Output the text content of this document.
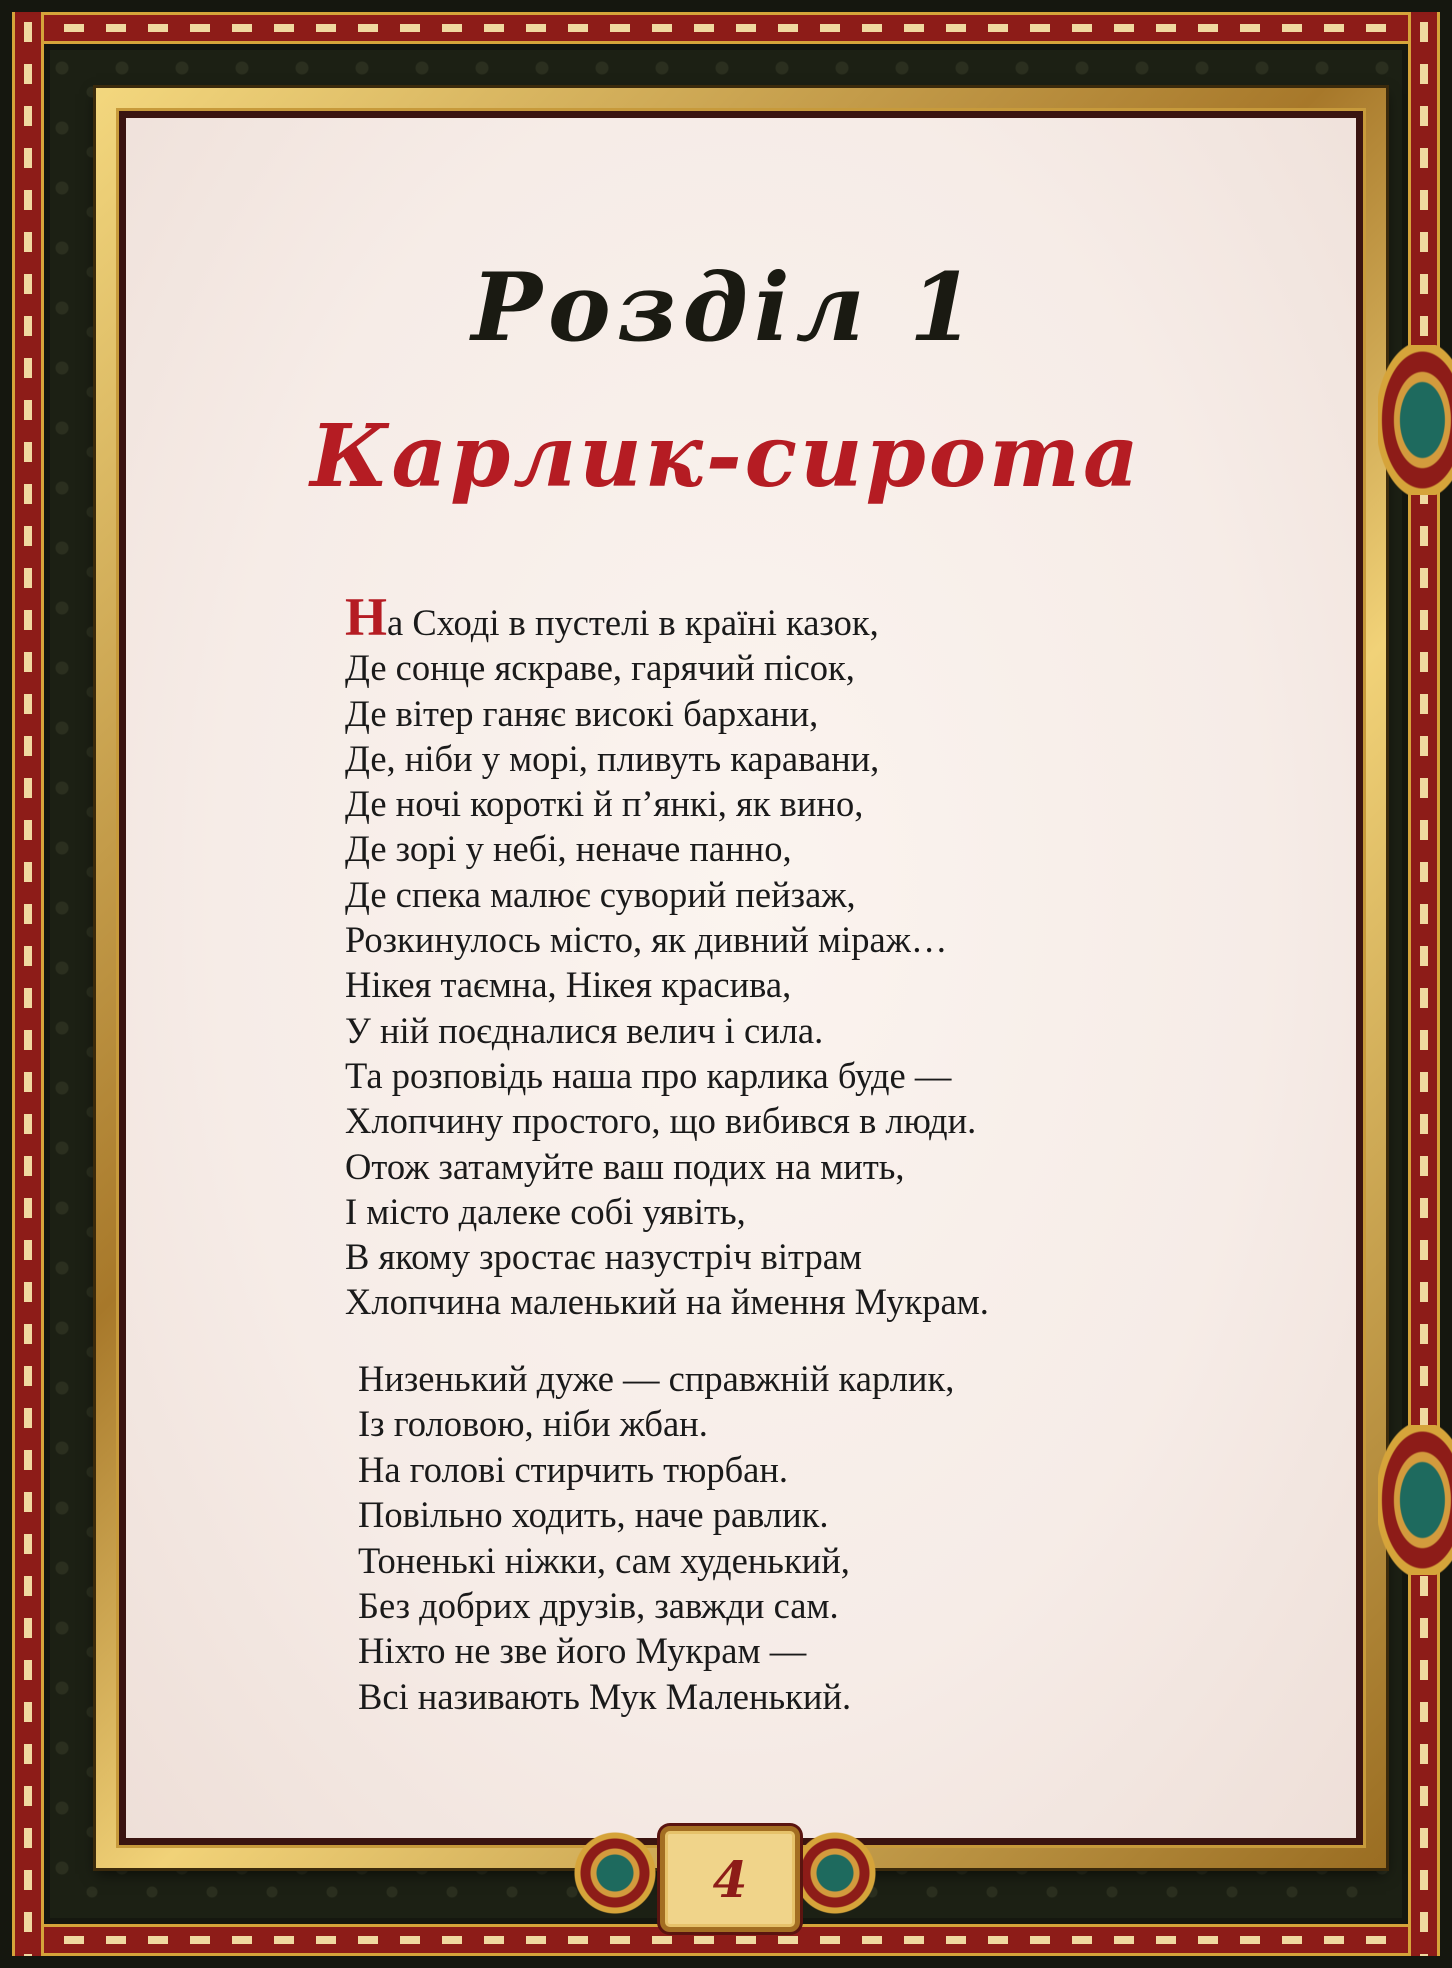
Розділ 1
Карлик-сирота
На Сході в пустелі в країні казок,
Де сонце яскраве, гарячий пісок,
Де вітер ганяє високі бархани,
Де, ніби у морі, пливуть каравани,
Де ночі короткі й п’янкі, як вино,
Де зорі у небі, неначе панно,
Де спека малює суворий пейзаж,
Розкинулось місто, як дивний міраж…
Нікея таємна, Нікея красива,
У ній поєдналися велич і сила.
Та розповідь наша про карлика буде —
Хлопчину простого, що вибився в люди.
Отож затамуйте ваш подих на мить,
І місто далеке собі уявіть,
В якому зростає назустріч вітрам
Хлопчина маленький на ймення Мукрам.
Низенький дуже — справжній карлик,
Із головою, ніби жбан.
На голові стирчить тюрбан.
Повільно ходить, наче равлик.
Тоненькі ніжки, сам худенький,
Без добрих друзів, завжди сам.
Ніхто не зве його Мукрам —
Всі називають Мук Маленький.
4
